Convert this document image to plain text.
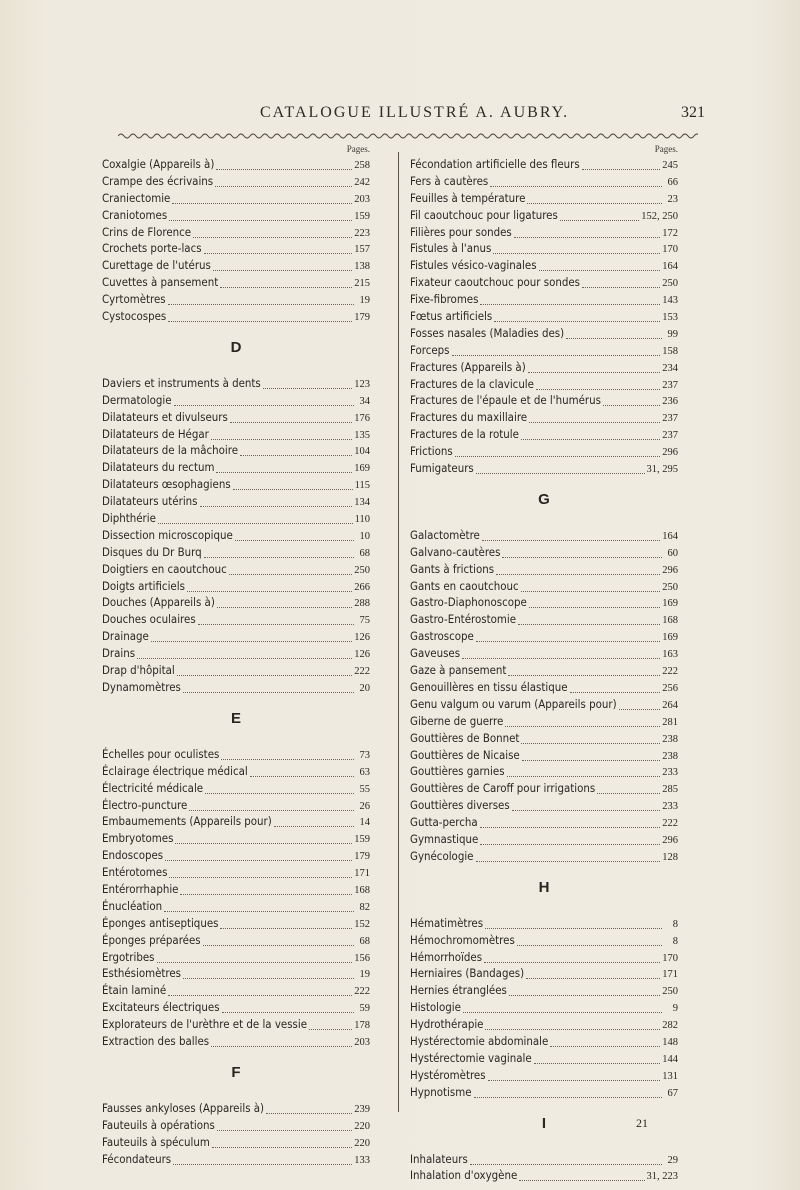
CATALOGUE ILLUSTRÉ A. AUBRY.	321
Pages.
Coxalgie (Appareils à)	258
Crampe des écrivains	242
Craniectomie	203
Craniotomes	159
Crins de Florence	223
Crochets porte-lacs	157
Curettage de l'utérus	138
Cuvettes à pansement	215
Cyrtomètres	19
Cystocospes	179
D
Daviers et instruments à dents	123
Dermatologie	34
Dilatateurs et divulseurs	176
Dilatateurs de Hégar	135
Dilatateurs de la mâchoire	104
Dilatateurs du rectum	169
Dilatateurs œsophagiens	115
Dilatateurs utérins	134
Diphthérie	110
Dissection microscopique	10
Disques du Dr Burq	68
Doigtiers en caoutchouc	250
Doigts artificiels	266
Douches (Appareils à)	288
Douches oculaires	75
Drainage	126
Drains	126
Drap d'hôpital	222
Dynamomètres	20
E
Échelles pour oculistes	73
Éclairage électrique médical	63
Électricité médicale	55
Électro-puncture	26
Embaumements (Appareils pour)	14
Embryotomes	159
Endoscopes	179
Entérotomes	171
Entérorrhaphie	168
Énucléation	82
Éponges antiseptiques	152
Éponges préparées	68
Ergotribes	156
Esthésiomètres	19
Étain laminé	222
Excitateurs électriques	59
Explorateurs de l'urèthre et de la vessie	178
Extraction des balles	203
F
Fausses ankyloses (Appareils à)	239
Fauteuils à opérations	220
Fauteuils à spéculum	220
Fécondateurs	133
Pages.
Fécondation artificielle des fleurs	245
Fers à cautères	66
Feuilles à température	23
Fil caoutchouc pour ligatures	152, 250
Filières pour sondes	172
Fistules à l'anus	170
Fistules vésico-vaginales	164
Fixateur caoutchouc pour sondes	250
Fixe-fibromes	143
Fœtus artificiels	153
Fosses nasales (Maladies des)	99
Forceps	158
Fractures (Appareils à)	234
Fractures de la clavicule	237
Fractures de l'épaule et de l'humérus	236
Fractures du maxillaire	237
Fractures de la rotule	237
Frictions	296
Fumigateurs	31, 295
G
Galactomètre	164
Galvano-cautères	60
Gants à frictions	296
Gants en caoutchouc	250
Gastro-Diaphonoscope	169
Gastro-Entérostomie	168
Gastroscope	169
Gaveuses	163
Gaze à pansement	222
Genouillères en tissu élastique	256
Genu valgum ou varum (Appareils pour)	264
Giberne de guerre	281
Gouttières de Bonnet	238
Gouttières de Nicaise	238
Gouttières garnies	233
Gouttières de Caroff pour irrigations	285
Gouttières diverses	233
Gutta-percha	222
Gymnastique	296
Gynécologie	128
H
Hématimètres	8
Hémochromomètres	8
Hémorrhoïdes	170
Herniaires (Bandages)	171
Hernies étranglées	250
Histologie	9
Hydrothérapie	282
Hystérectomie abdominale	148
Hystérectomie vaginale	144
Hystéromètres	131
Hypnotisme	67
I
Inhalateurs	29
Inhalation d'oxygène	31, 223
21
